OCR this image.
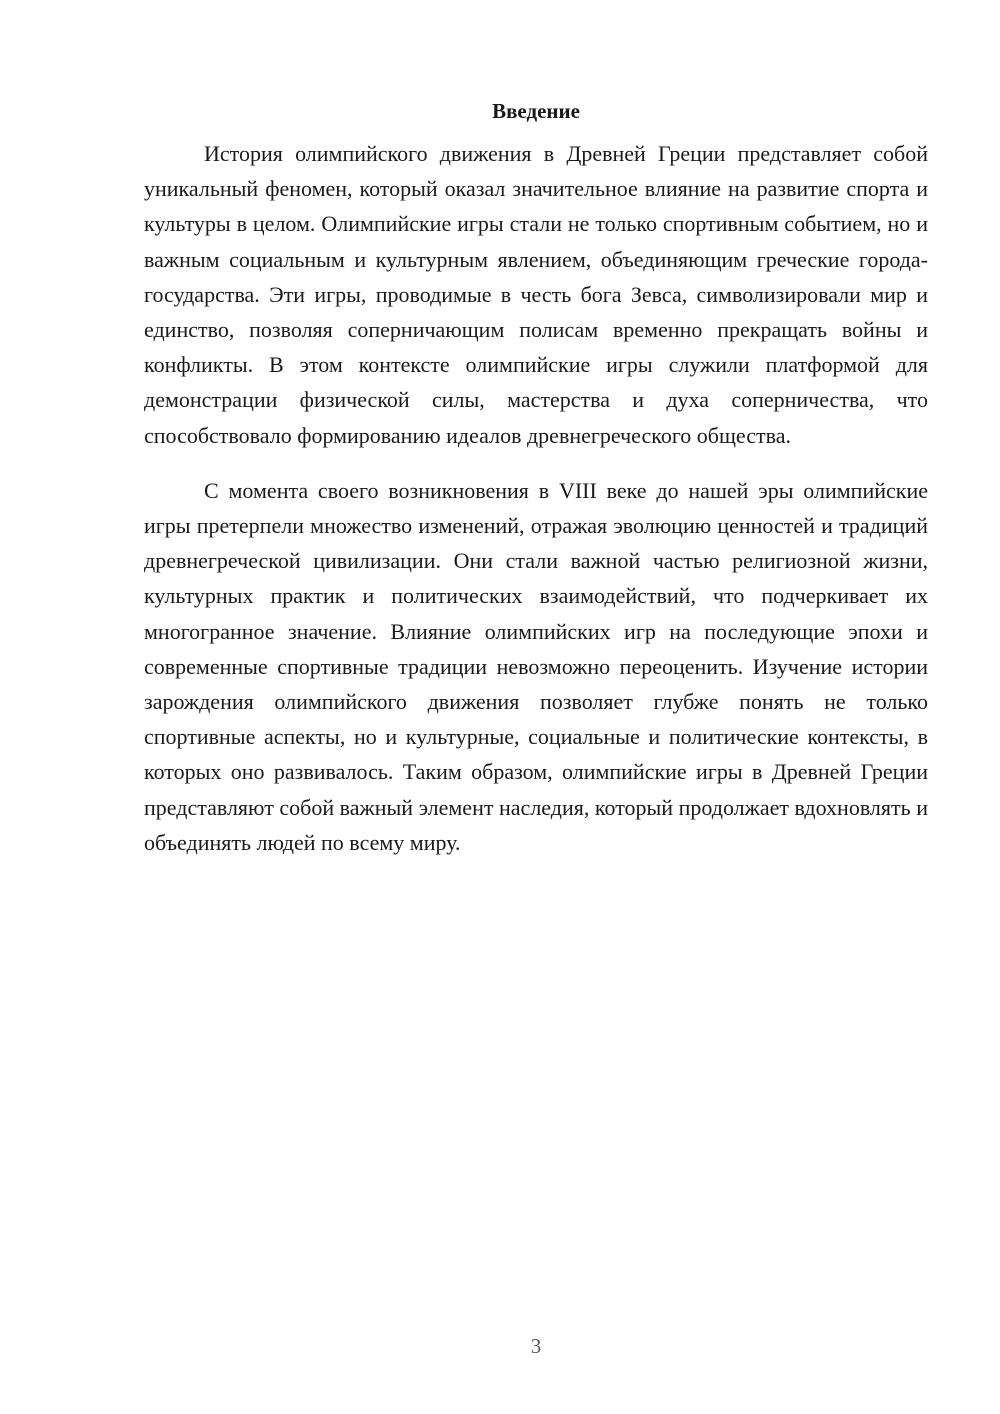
Введение

История олимпийского движения в Древней Греции представляет собой уникальный феномен, который оказал значительное влияние на развитие спорта и культуры в целом. Олимпийские игры стали не только спортивным событием, но и важным социальным и культурным явлением, объединяющим греческие города-государства. Эти игры, проводимые в честь бога Зевса, символизировали мир и единство, позволяя соперничающим полисам временно прекращать войны и конфликты. В этом контексте олимпийские игры служили платформой для демонстрации физической силы, мастерства и духа соперничества, что способствовало формированию идеалов древнегреческого общества.

С момента своего возникновения в VIII веке до нашей эры олимпийские игры претерпели множество изменений, отражая эволюцию ценностей и традиций древнегреческой цивилизации. Они стали важной частью религиозной жизни, культурных практик и политических взаимодействий, что подчеркивает их многогранное значение. Влияние олимпийских игр на последующие эпохи и современные спортивные традиции невозможно переоценить. Изучение истории зарождения олимпийского движения позволяет глубже понять не только спортивные аспекты, но и культурные, социальные и политические контексты, в которых оно развивалось. Таким образом, олимпийские игры в Древней Греции представляют собой важный элемент наследия, который продолжает вдохновлять и объединять людей по всему миру.

3
